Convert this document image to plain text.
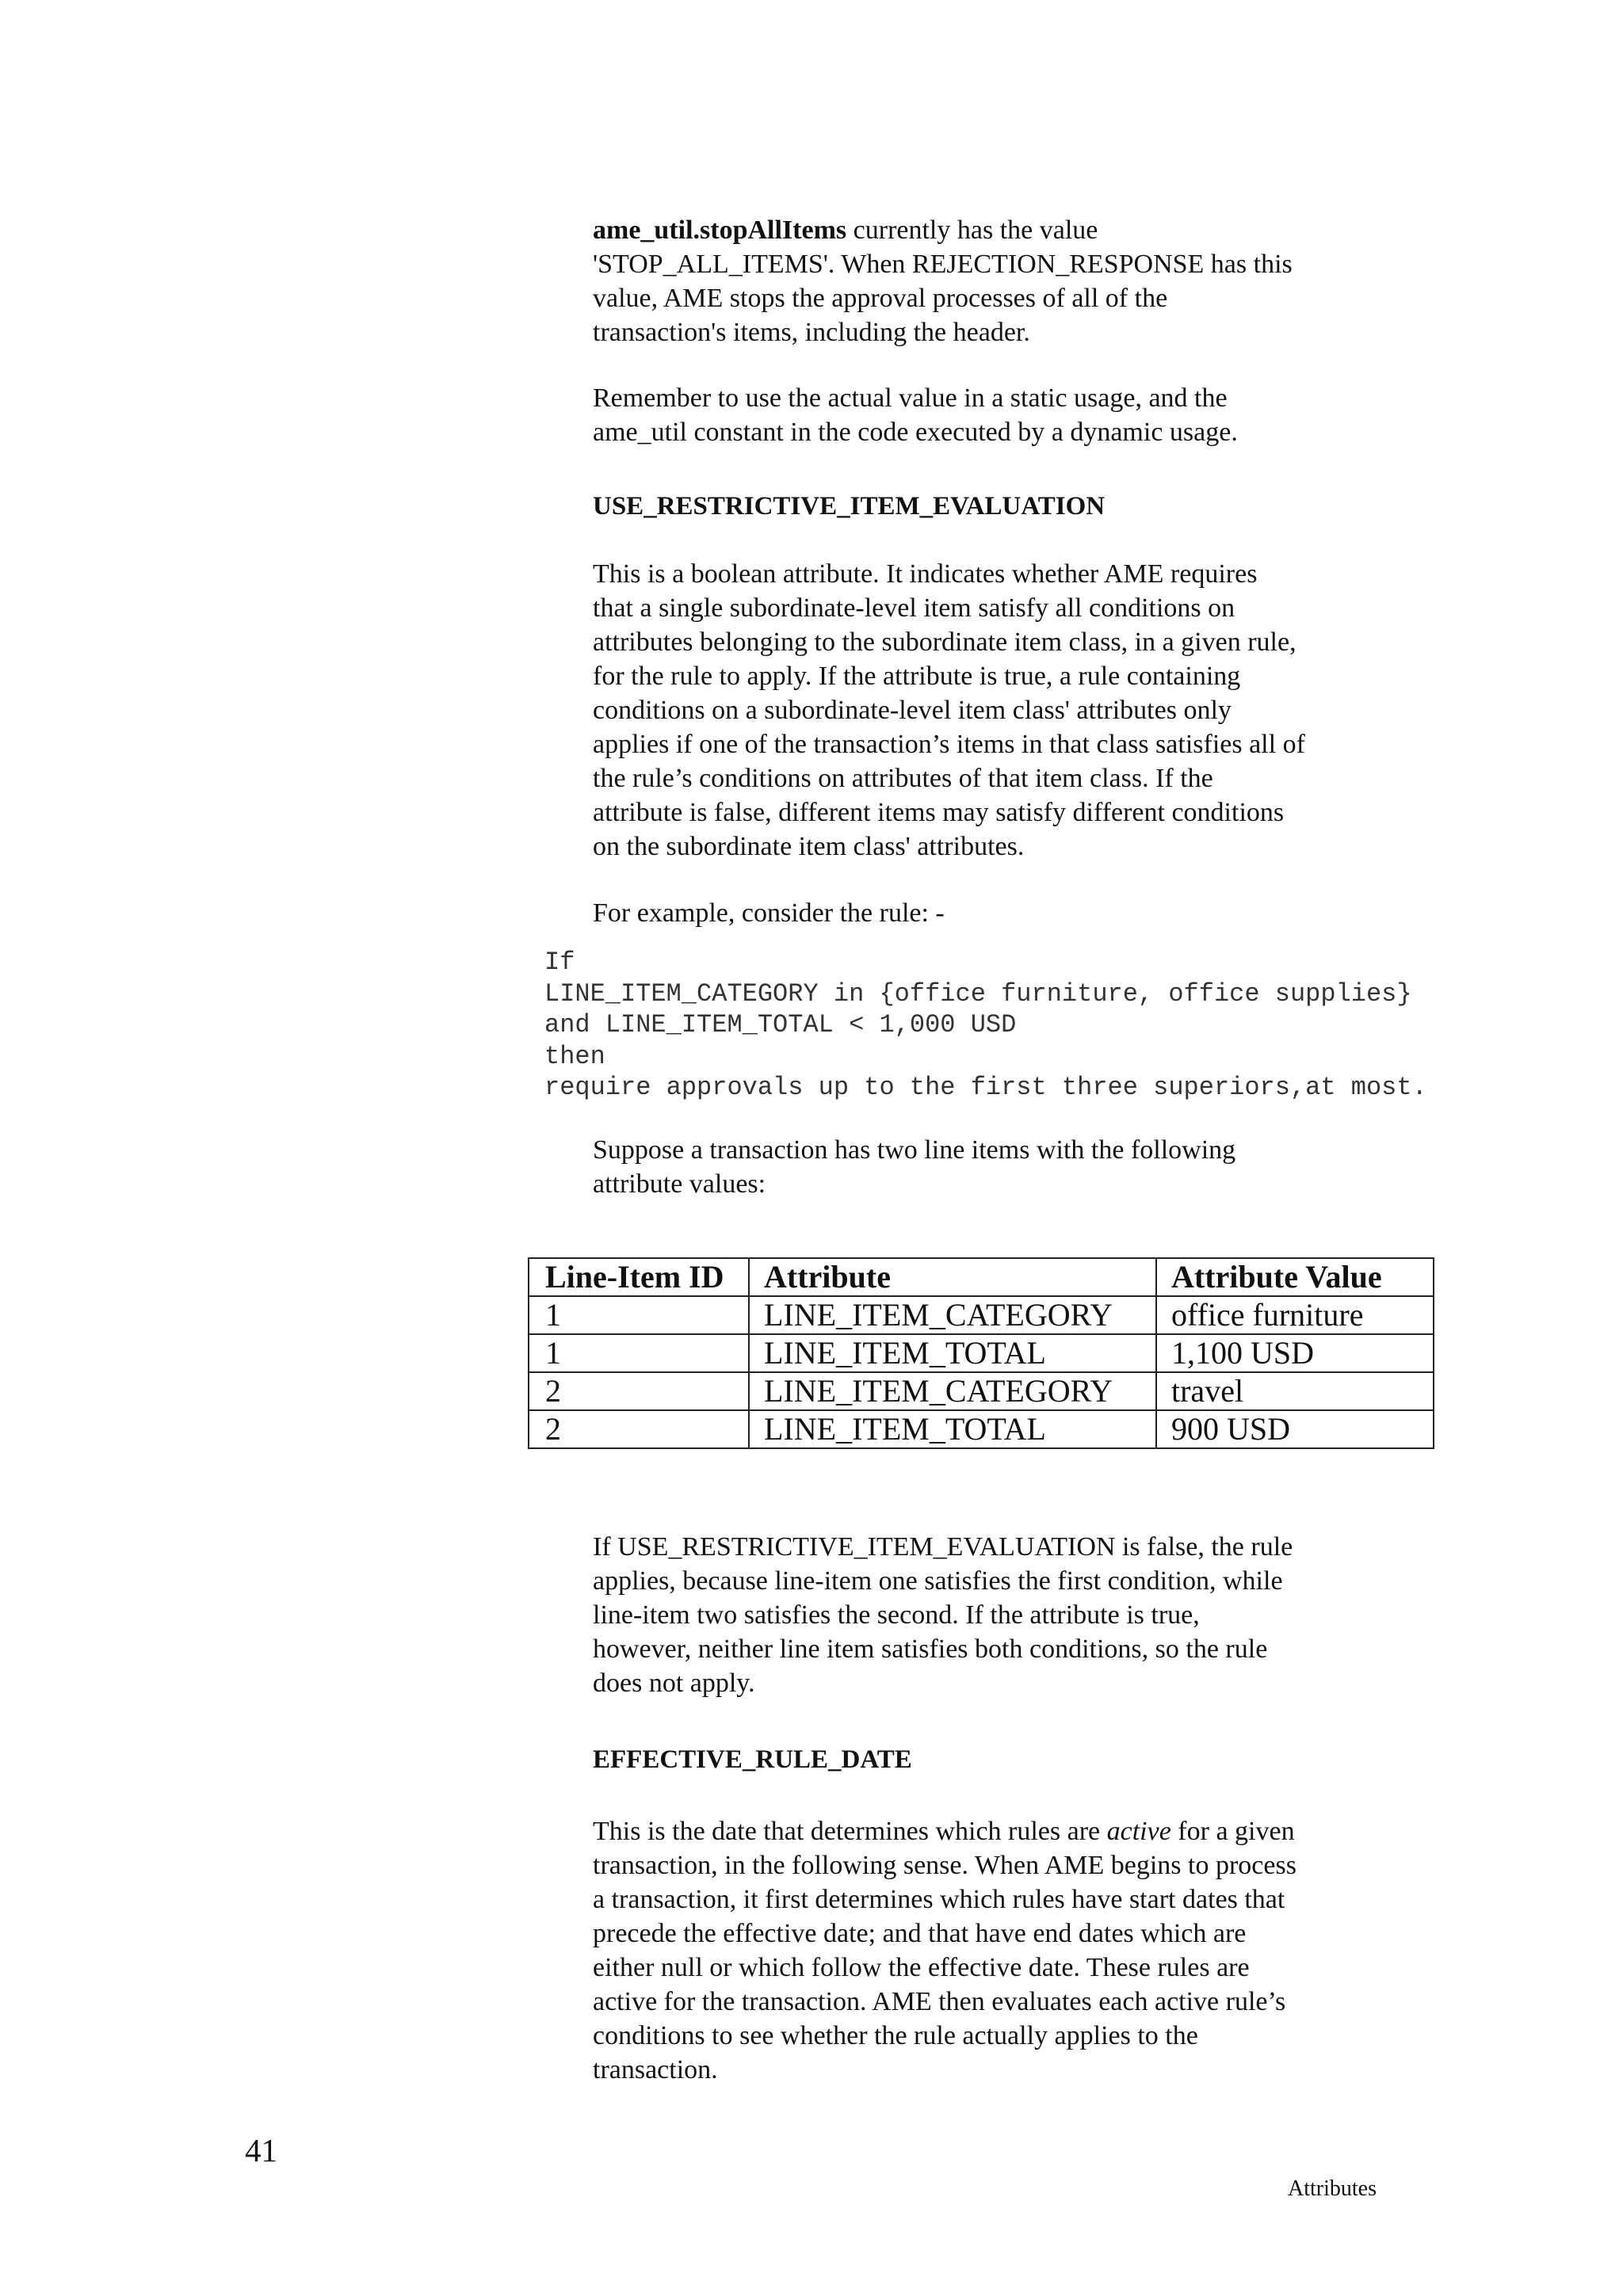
ame_util.stopAllItems currently has the value
'STOP_ALL_ITEMS'. When REJECTION_RESPONSE has this
value, AME stops the approval processes of all of the
transaction's items, including the header.
Remember to use the actual value in a static usage, and the
ame_util constant in the code executed by a dynamic usage.
USE_RESTRICTIVE_ITEM_EVALUATION
This is a boolean attribute. It indicates whether AME requires
that a single subordinate-level item satisfy all conditions on
attributes belonging to the subordinate item class, in a given rule,
for the rule to apply. If the attribute is true, a rule containing
conditions on a subordinate-level item class' attributes only
applies if one of the transaction’s items in that class satisfies all of
the rule’s conditions on attributes of that item class. If the
attribute is false, different items may satisfy different conditions
on the subordinate item class' attributes.
For example, consider the rule: -
If
LINE_ITEM_CATEGORY in {office furniture, office supplies}
and LINE_ITEM_TOTAL < 1,000 USD
then
require approvals up to the first three superiors,at most.
Suppose a transaction has two line items with the following
attribute values:
Line-Item ID	Attribute	Attribute Value
1	LINE_ITEM_CATEGORY	office furniture
1	LINE_ITEM_TOTAL	1,100 USD
2	LINE_ITEM_CATEGORY	travel
2	LINE_ITEM_TOTAL	900 USD
If USE_RESTRICTIVE_ITEM_EVALUATION is false, the rule
applies, because line-item one satisfies the first condition, while
line-item two satisfies the second. If the attribute is true,
however, neither line item satisfies both conditions, so the rule
does not apply.
EFFECTIVE_RULE_DATE
This is the date that determines which rules are active for a given
transaction, in the following sense. When AME begins to process
a transaction, it first determines which rules have start dates that
precede the effective date; and that have end dates which are
either null or which follow the effective date. These rules are
active for the transaction. AME then evaluates each active rule’s
conditions to see whether the rule actually applies to the
transaction.
41
Attributes
